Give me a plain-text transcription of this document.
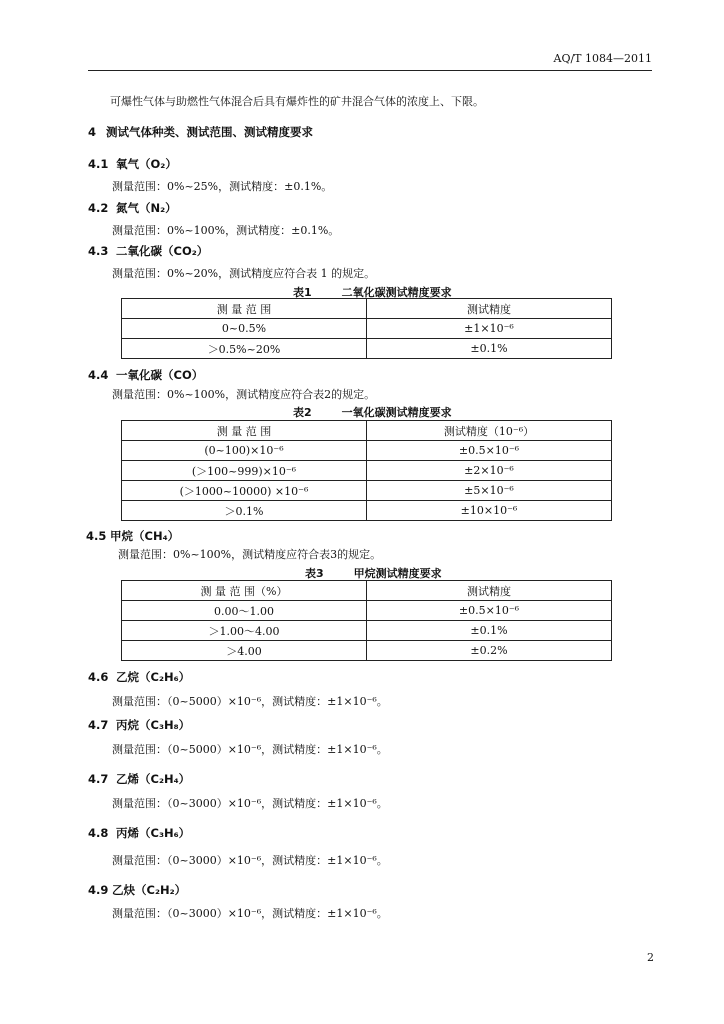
AQ/T 1084—2011
可爆性气体与助燃性气体混合后具有爆炸性的矿井混合气体的浓度上、下限。
4 测试气体种类、测试范围、测试精度要求
4.1 氧气（O₂）
测量范围：0%~25%，测试精度：±0.1%。
4.2 氮气（N₂）
测量范围：0%~100%，测试精度：±0.1%。
4.3 二氧化碳（CO₂）
测量范围：0%~20%，测试精度应符合表 1 的规定。
表1	二氧化碳测试精度要求
测 量 范 围	测试精度
0~0.5%	±1×10⁻⁶
＞0.5%~20%	±0.1%
4.4 一氧化碳（CO）
测量范围：0%~100%，测试精度应符合表2的规定。
表2	一氧化碳测试精度要求
测 量 范 围	测试精度（10⁻⁶）
(0~100)×10⁻⁶	±0.5×10⁻⁶
(＞100~999)×10⁻⁶	±2×10⁻⁶
(＞1000~10000) ×10⁻⁶	±5×10⁻⁶
＞0.1%	±10×10⁻⁶
4.5 甲烷（CH₄）
测量范围：0%~100%，测试精度应符合表3的规定。
表3	甲烷测试精度要求
测 量 范 围（%）	测试精度
0.00～1.00	±0.5×10⁻⁶
＞1.00～4.00	±0.1%
＞4.00	±0.2%
4.6 乙烷（C₂H₆）
测量范围：（0~5000）×10⁻⁶，测试精度：±1×10⁻⁶。
4.7 丙烷（C₃H₈）
测量范围：（0~5000）×10⁻⁶，测试精度：±1×10⁻⁶。
4.7 乙烯（C₂H₄）
测量范围：（0~3000）×10⁻⁶，测试精度：±1×10⁻⁶。
4.8 丙烯（C₃H₆）
测量范围：（0~3000）×10⁻⁶，测试精度：±1×10⁻⁶。
4.9 乙炔（C₂H₂）
测量范围：（0~3000）×10⁻⁶，测试精度：±1×10⁻⁶。
2
